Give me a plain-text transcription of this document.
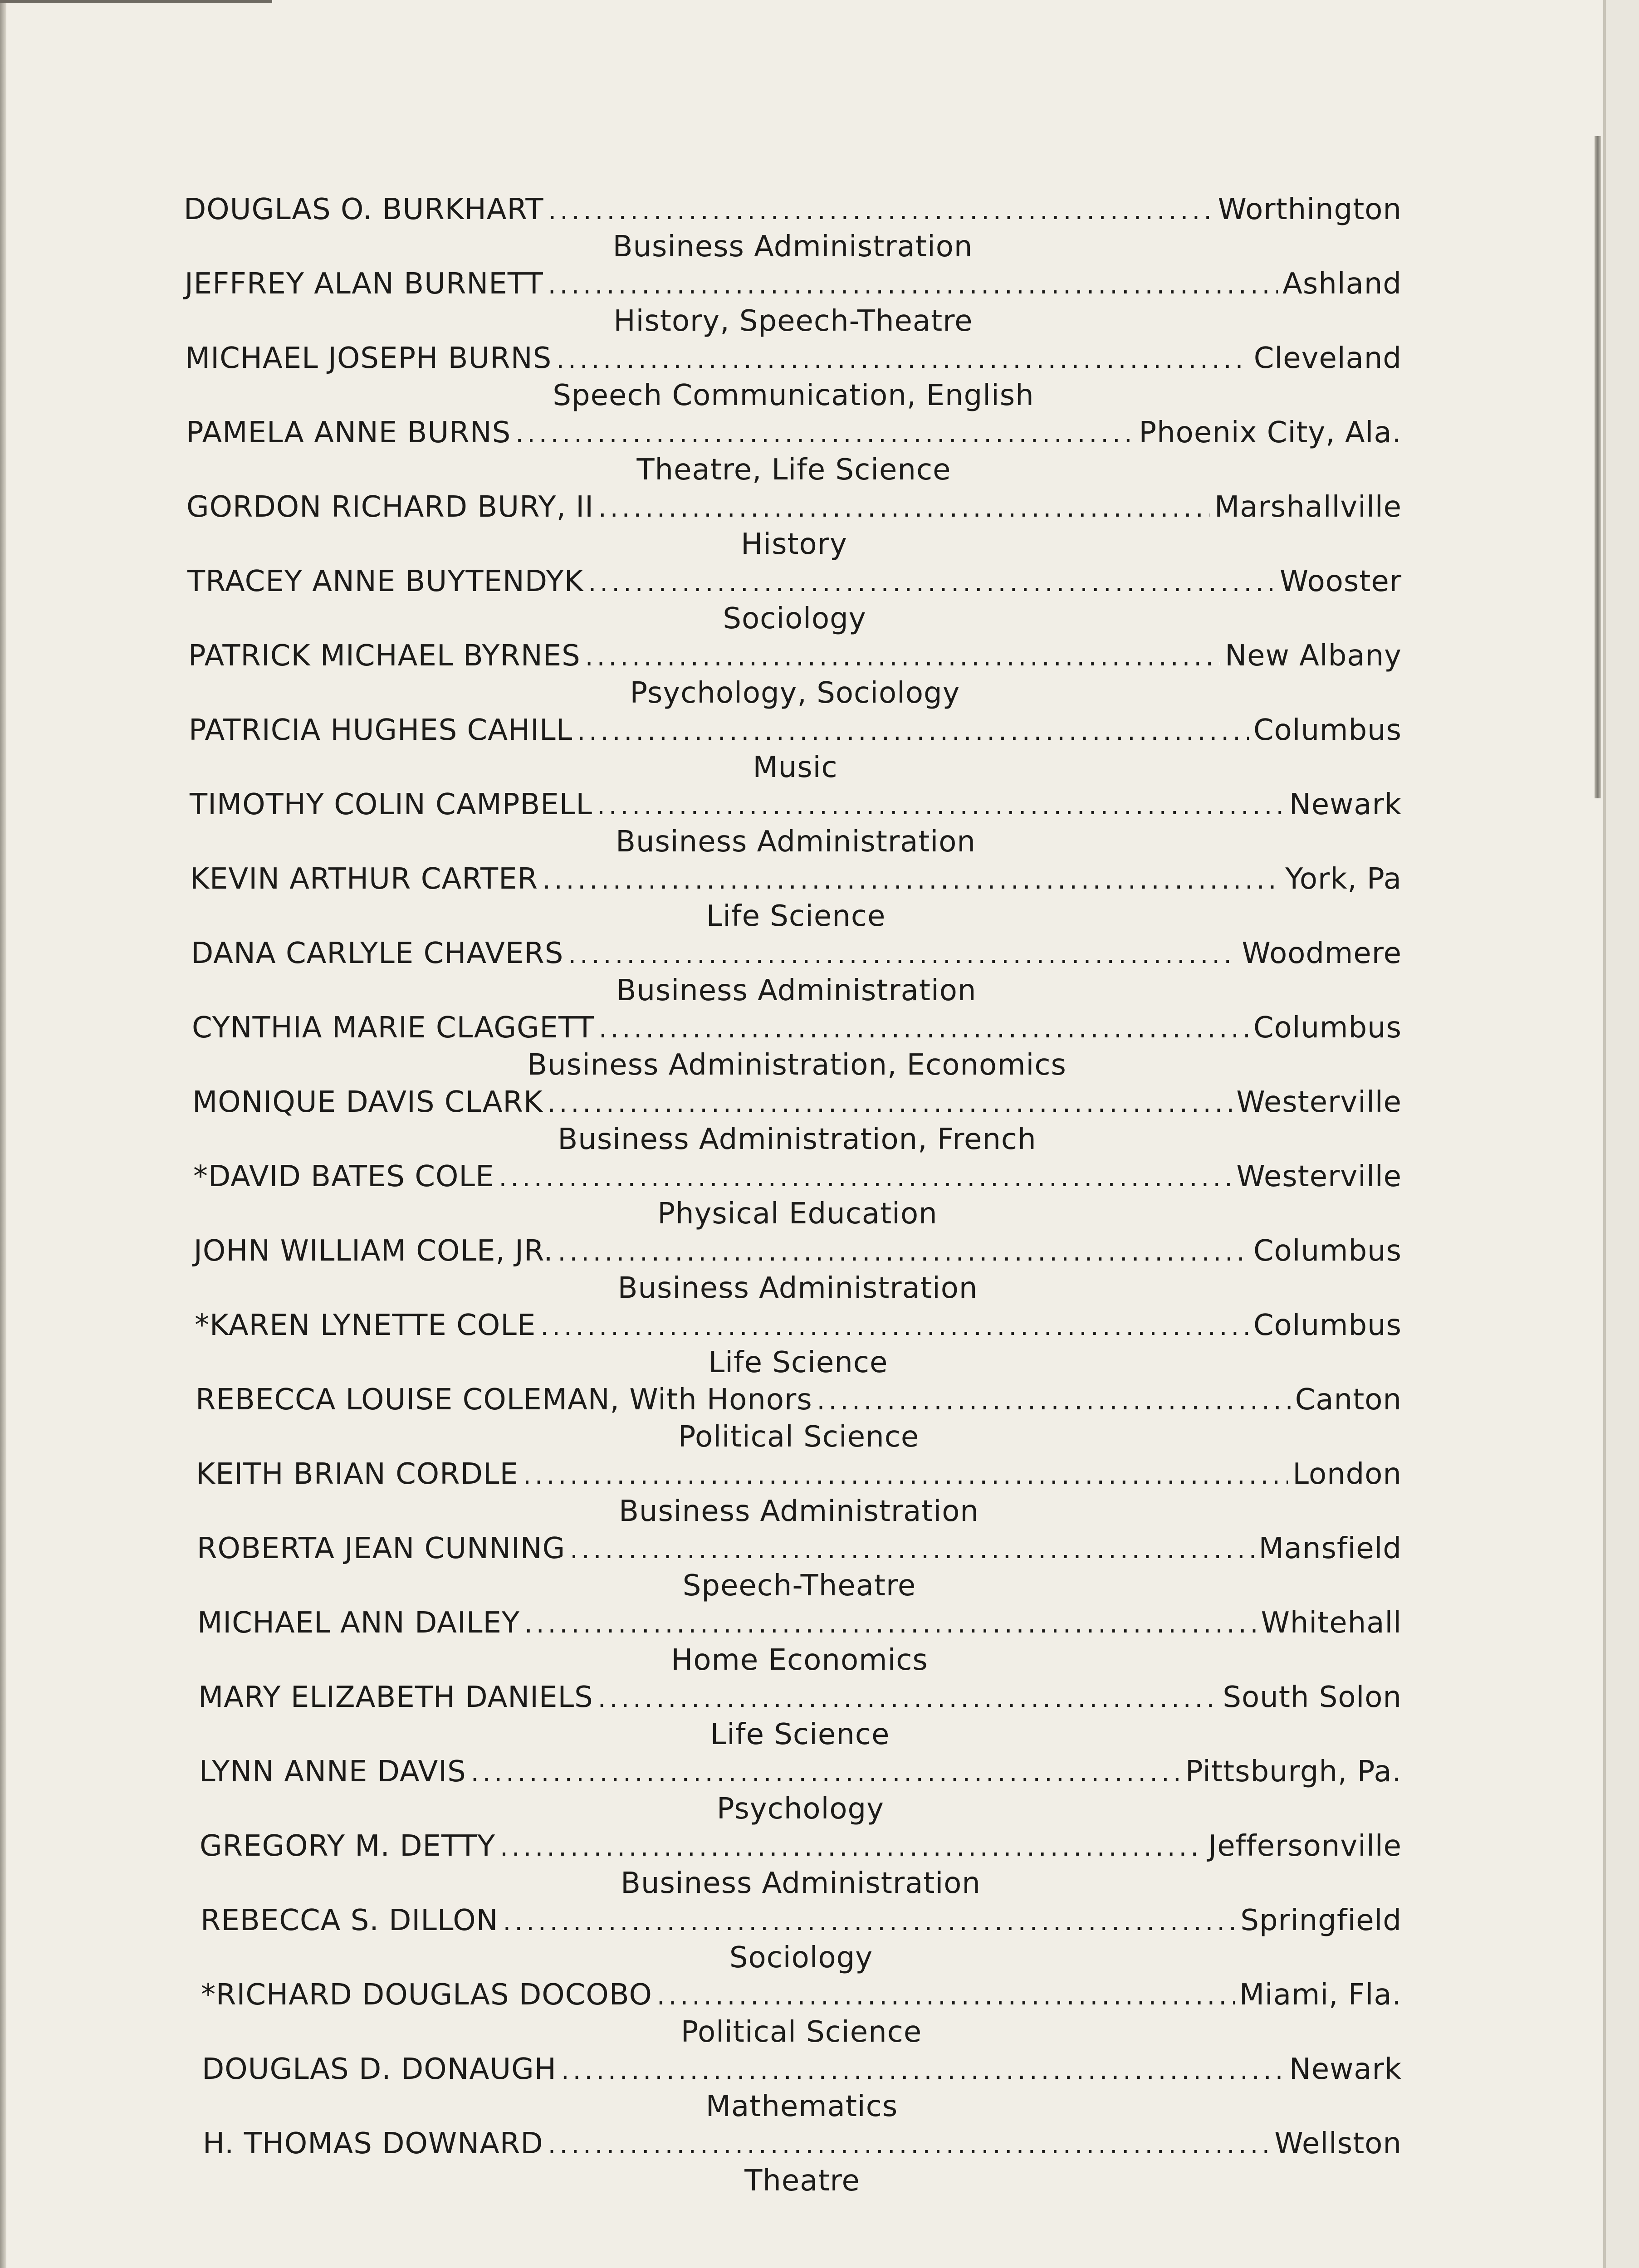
DOUGLAS O. BURKHART .....	Worthington
Business Administration
JEFFREY ALAN BURNETT .....	Ashland
History, Speech-Theatre
MICHAEL JOSEPH BURNS .....	Cleveland
Speech Communication, English
PAMELA ANNE BURNS .....	Phoenix City, Ala.
Theatre, Life Science
GORDON RICHARD BURY, II .....	Marshallville
History
TRACEY ANNE BUYTENDYK .....	Wooster
Sociology
PATRICK MICHAEL BYRNES .....	New Albany
Psychology, Sociology
PATRICIA HUGHES CAHILL .....	Columbus
Music
TIMOTHY COLIN CAMPBELL .....	Newark
Business Administration
KEVIN ARTHUR CARTER .....	York, Pa
Life Science
DANA CARLYLE CHAVERS .....	Woodmere
Business Administration
CYNTHIA MARIE CLAGGETT .....	Columbus
Business Administration, Economics
MONIQUE DAVIS CLARK .....	Westerville
Business Administration, French
*DAVID BATES COLE .....	Westerville
Physical Education
JOHN WILLIAM COLE, JR. .....	Columbus
Business Administration
*KAREN LYNETTE COLE .....	Columbus
Life Science
REBECCA LOUISE COLEMAN, With Honors .....	Canton
Political Science
KEITH BRIAN CORDLE .....	London
Business Administration
ROBERTA JEAN CUNNING .....	Mansfield
Speech-Theatre
MICHAEL ANN DAILEY .....	Whitehall
Home Economics
MARY ELIZABETH DANIELS .....	South Solon
Life Science
LYNN ANNE DAVIS .....	Pittsburgh, Pa.
Psychology
GREGORY M. DETTY .....	Jeffersonville
Business Administration
REBECCA S. DILLON .....	Springfield
Sociology
*RICHARD DOUGLAS DOCOBO .....	Miami, Fla.
Political Science
DOUGLAS D. DONAUGH .....	Newark
Mathematics
H. THOMAS DOWNARD .....	Wellston
Theatre
